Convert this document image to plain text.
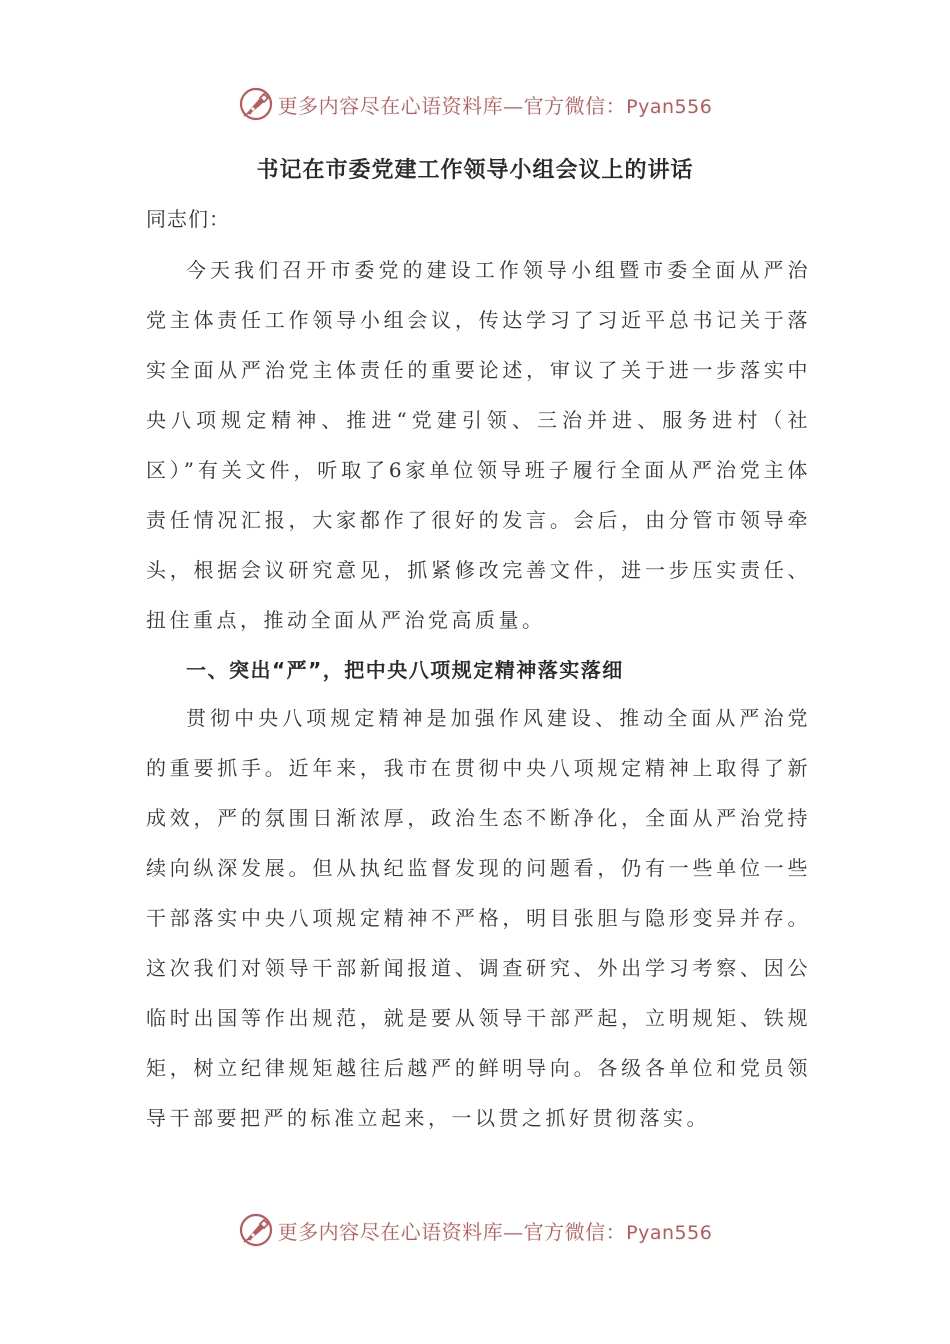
更多内容尽在心语资料库—官方微信：Pyan556
书记在市委党建工作领导小组会议上的讲话
同志们：

今天我们召开市委党的建设工作领导小组暨市委全面从严治党主体责任工作领导小组会议，传达学习了习近平总书记关于落实全面从严治党主体责任的重要论述，审议了关于进一步落实中央八项规定精神、推进“党建引领、三治并进、服务进村（社区）”有关文件，听取了6家单位领导班子履行全面从严治党主体责任情况汇报，大家都作了很好的发言。会后，由分管市领导牵头，根据会议研究意见，抓紧修改完善文件，进一步压实责任、扭住重点，推动全面从严治党高质量。

一、突出“严”，把中央八项规定精神落实落细

贯彻中央八项规定精神是加强作风建设、推动全面从严治党的重要抓手。近年来，我市在贯彻中央八项规定精神上取得了新成效，严的氛围日渐浓厚，政治生态不断净化，全面从严治党持续向纵深发展。但从执纪监督发现的问题看，仍有一些单位一些干部落实中央八项规定精神不严格，明目张胆与隐形变异并存。这次我们对领导干部新闻报道、调查研究、外出学习考察、因公临时出国等作出规范，就是要从领导干部严起，立明规矩、铁规矩，树立纪律规矩越往后越严的鲜明导向。各级各单位和党员领导干部要把严的标准立起来，一以贯之抓好贯彻落实。

更多内容尽在心语资料库—官方微信：Pyan556
